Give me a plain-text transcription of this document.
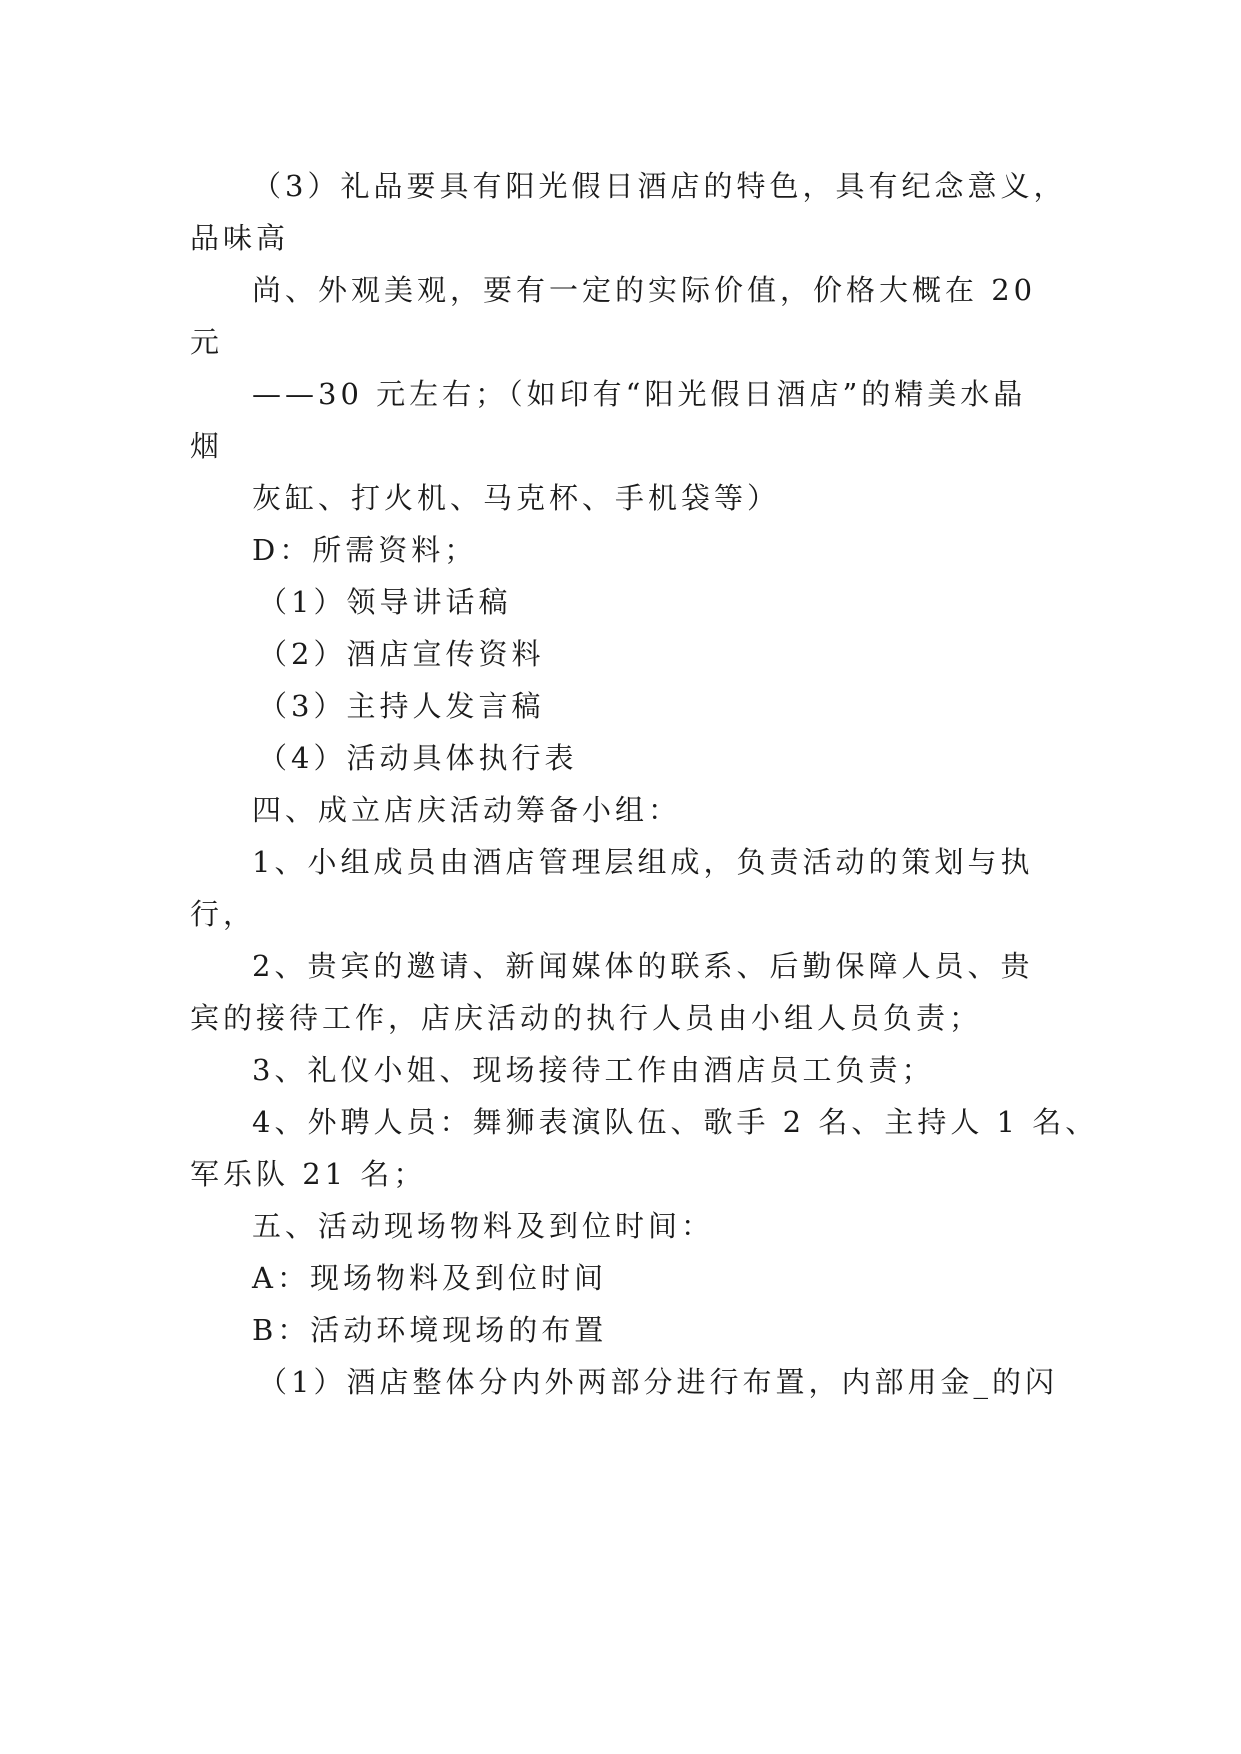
（3）礼品要具有阳光假日酒店的特色，具有纪念意义，
品味高
尚、外观美观，要有一定的实际价值，价格大概在 20
元
——30 元左右；（如印有“阳光假日酒店”的精美水晶
烟
灰缸、打火机、马克杯、手机袋等）
D：所需资料；
（1）领导讲话稿
（2）酒店宣传资料
（3）主持人发言稿
（4）活动具体执行表
四、成立店庆活动筹备小组：
1、小组成员由酒店管理层组成，负责活动的策划与执
行，
2、贵宾的邀请、新闻媒体的联系、后勤保障人员、贵
宾的接待工作，店庆活动的执行人员由小组人员负责；
3、礼仪小姐、现场接待工作由酒店员工负责；
4、外聘人员：舞狮表演队伍、歌手 2 名、主持人 1 名、
军乐队 21 名；
五、活动现场物料及到位时间：
A：现场物料及到位时间
B：活动环境现场的布置
（1）酒店整体分内外两部分进行布置，内部用金_的闪
